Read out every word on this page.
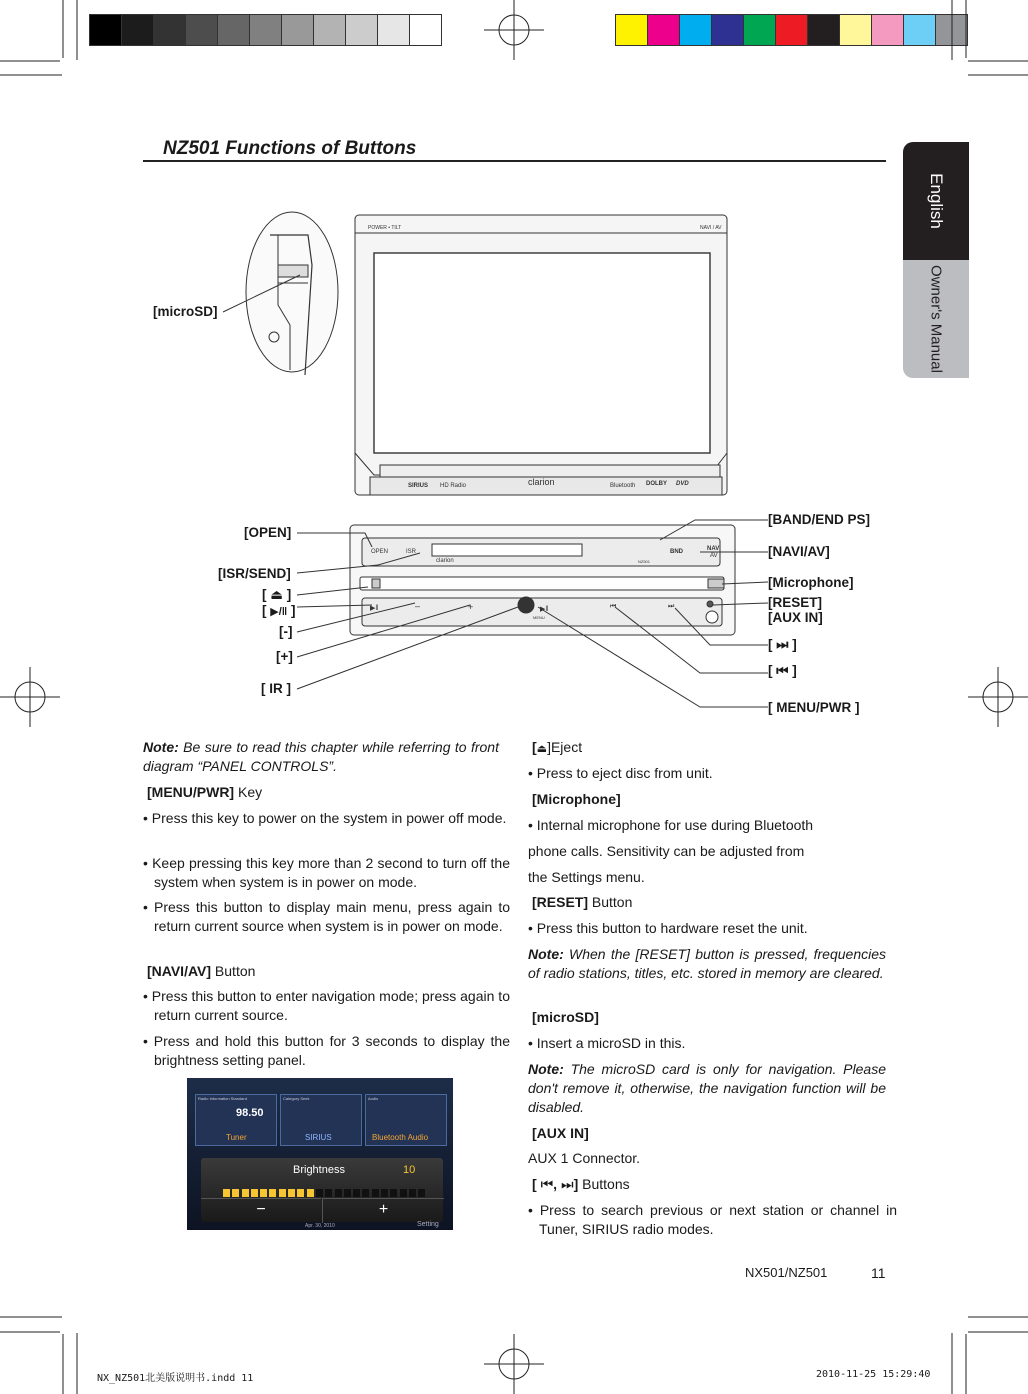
English
Owner's Manual
NZ501 Functions of Buttons
POWER • TILT	NAVI / AV
SIRIUS HD Radio	clarion	Bluetooth DOLBY DVD
OPEN	ISR
clarion	NZ501
BND	NAVI
AV
MENU
▶‖	–	+	▶‖	⏮	⏭
[microSD]
[OPEN]
[ISR/SEND]
[ ⏏ ]
[ ▶/‖ ]
[-]
[+]
[ IR ]
[BAND/END PS]
[NAVI/AV]
[Microphone]
[RESET]
[AUX IN]
[ ⏭ ]
[ ⏮ ]
[ MENU/PWR ]
Note: Be sure to read this chapter while referring to front diagram “PANEL CONTROLS”.
[MENU/PWR] Key
• Press this key to power on the system in power off mode.
• Keep pressing this key more than 2 second to turn off the system when system is in power on mode.
• Press this button to display main menu, press again to return current source when system is in power on mode.
[NAVI/AV] Button
• Press this button to enter navigation mode; press again to return current source.
• Press and hold this button for 3 seconds to display the brightness setting panel.
Radio Information Standard
98.50
Tuner
Category Seek
SIRIUS
Audio
Bluetooth Audio
Brightness	10
−	+
Apr. 30, 2010	Setting
[⏏]Eject
• Press to eject disc from unit.
[Microphone]
• Internal microphone for use during Bluetooth
phone calls. Sensitivity can be adjusted from
the Settings menu.
[RESET] Button
• Press this button to hardware reset the unit.
Note: When the [RESET] button is pressed, frequencies of radio stations, titles, etc. stored in memory are cleared.
[microSD]
• Insert a microSD in this.
Note: The microSD card is only for navigation. Please don't remove it, otherwise, the navigation function will be disabled.
[AUX IN]
AUX 1 Connector.
[ ⏮, ⏭] Buttons
• Press to search previous or next station or channel in Tuner, SIRIUS radio modes.
NX501/NZ501	11
NX_NZ501北美版说明书.indd 11	2010-11-25 15:29:40
